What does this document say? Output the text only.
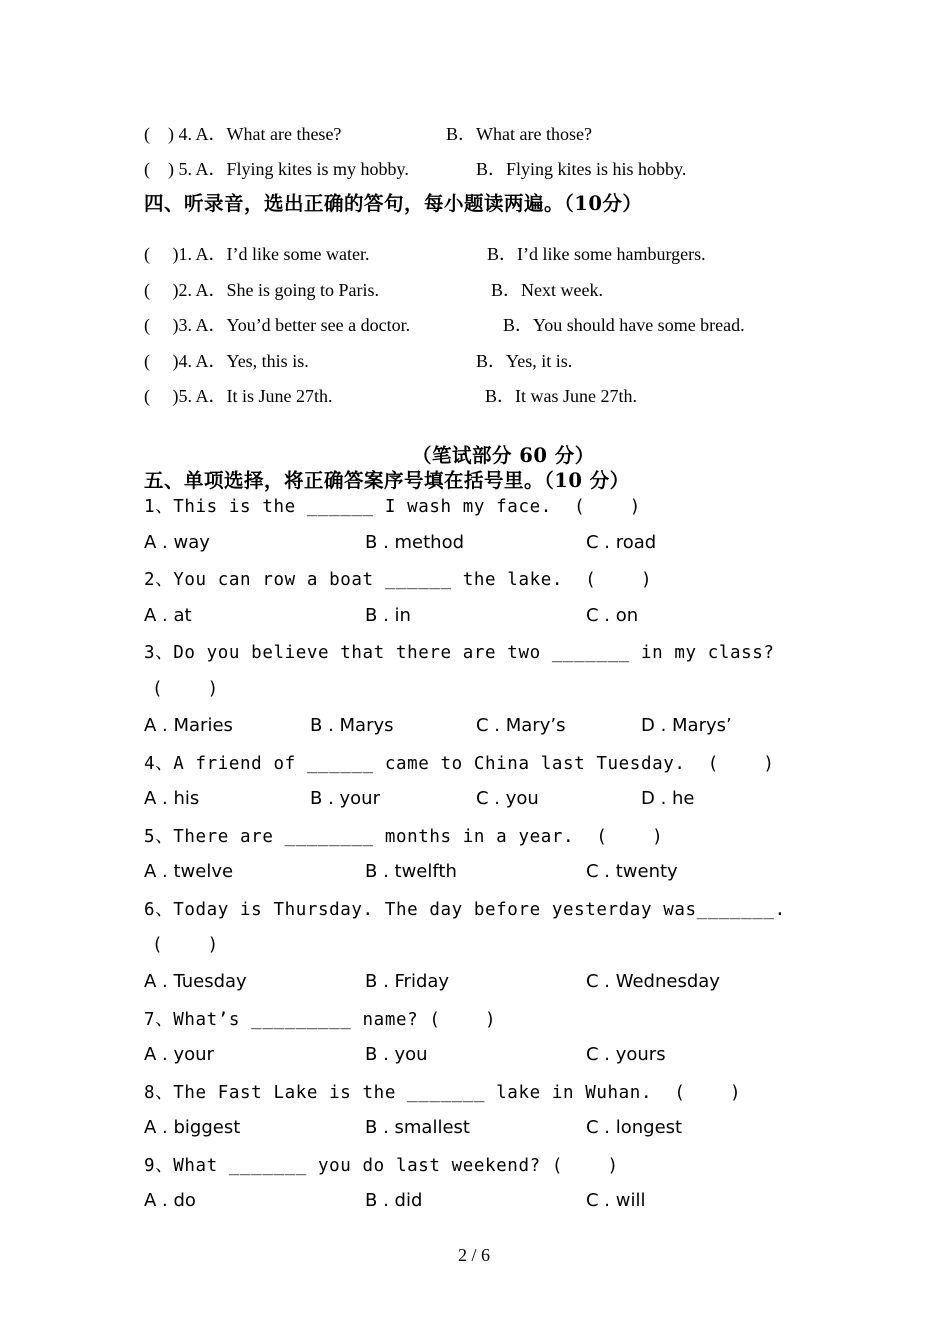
(    ) 4. A．What are these?	B．What are those?
(    ) 5. A．Flying kites is my hobby.	B．Flying kites is his hobby.
四、听录音，选出正确的答句，每小题读两遍。（10分）
(     )1. A．I’d like some water.	B．I’d like some hamburgers.
(     )2. A．She is going to Paris.	B．Next week.
(     )3. A．You’d better see a doctor.	B．You should have some bread.
(     )4. A．Yes, this is.	B．Yes, it is.
(     )5. A．It is June 27th.	B．It was June 27th.
（笔试部分 60 分）
五、单项选择，将正确答案序号填在括号里。（10 分）
1、This is the ______ I wash my face.  (    )
A . way	B . method	C . road
2、You can row a boat ______ the lake.  (    )
A . at	B . in	C . on
3、Do you believe that there are two _______ in my class?
(    )
A . Maries	B . Marys	C . Mary’s	D . Marys’
4、A friend of ______ came to China last Tuesday.  (    )
A . his	B . your	C . you	D . he
5、There are ________ months in a year.  (    )
A . twelve	B . twelfth	C . twenty
6、Today is Thursday. The day before yesterday was_______.
(    )
A . Tuesday	B . Friday	C . Wednesday
7、What’s _________ name? (    )
A . your	B . you	C . yours
8、The Fast Lake is the _______ lake in Wuhan.  (    )
A . biggest	B . smallest	C . longest
9、What _______ you do last weekend? (    )
A . do	B . did	C . will
2 / 6
